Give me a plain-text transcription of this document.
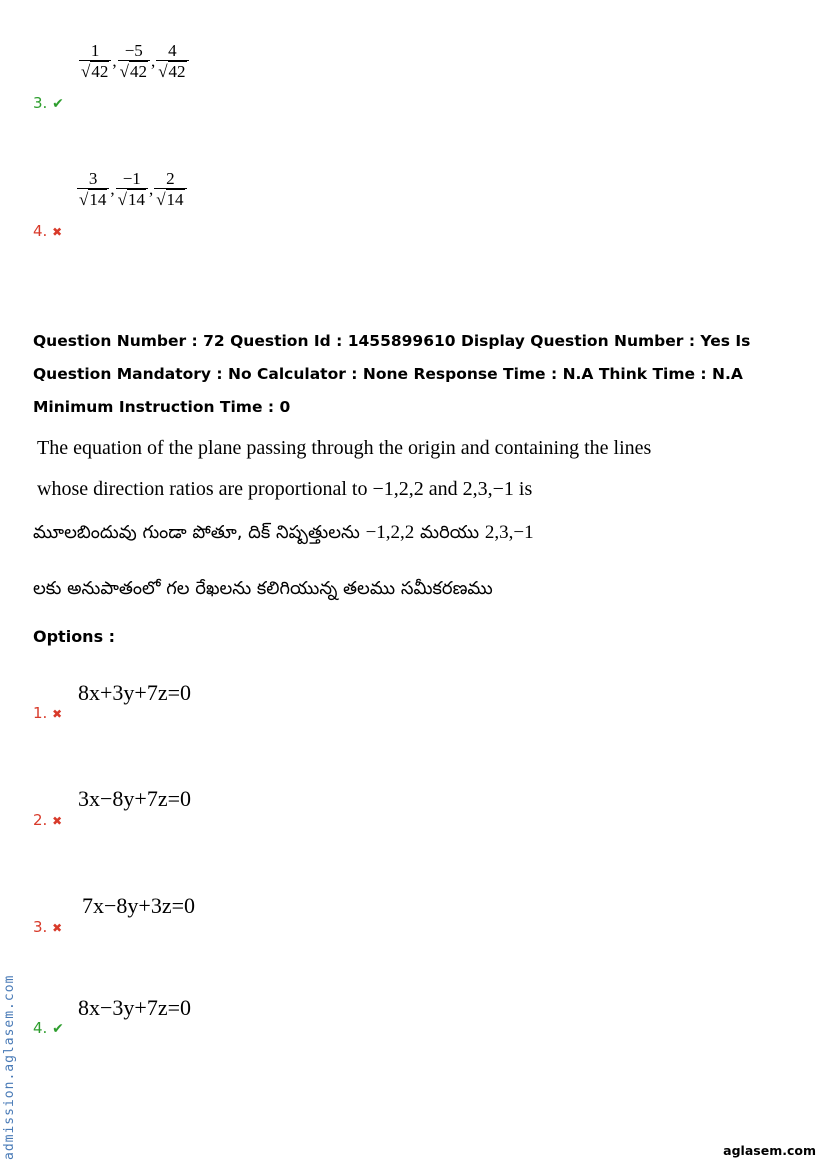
$\frac{1}{√42}$ , $\frac{-5}{√42}$ , $\frac{4}{√42}$
3. ✔
$\frac{3}{√14}$ , $\frac{-1}{√14}$ , $\frac{2}{√14}$
4. ✖
Question Number : 72 Question Id : 1455899610 Display Question Number : Yes Is Question Mandatory : No Calculator : None Response Time : N.A Think Time : N.A Minimum Instruction Time : 0
The equation of the plane passing through the origin and containing the lines
whose direction ratios are proportional to −1,2,2 and 2,3,−1 is
మూలబిందువు గుండా పోతూ, దిక్ నిష్పత్తులను −1,2,2 మరియు 2,3,−1
లకు అనుపాతంలో గల రేఖలను కలిగియున్న తలము సమీకరణము
Options :
8x+3y+7z=0
1. ✖
3x−8y+7z=0
2. ✖
7x−8y+3z=0
3. ✖
8x−3y+7z=0
4. ✔
admission.aglasem.com	aglasem.com
